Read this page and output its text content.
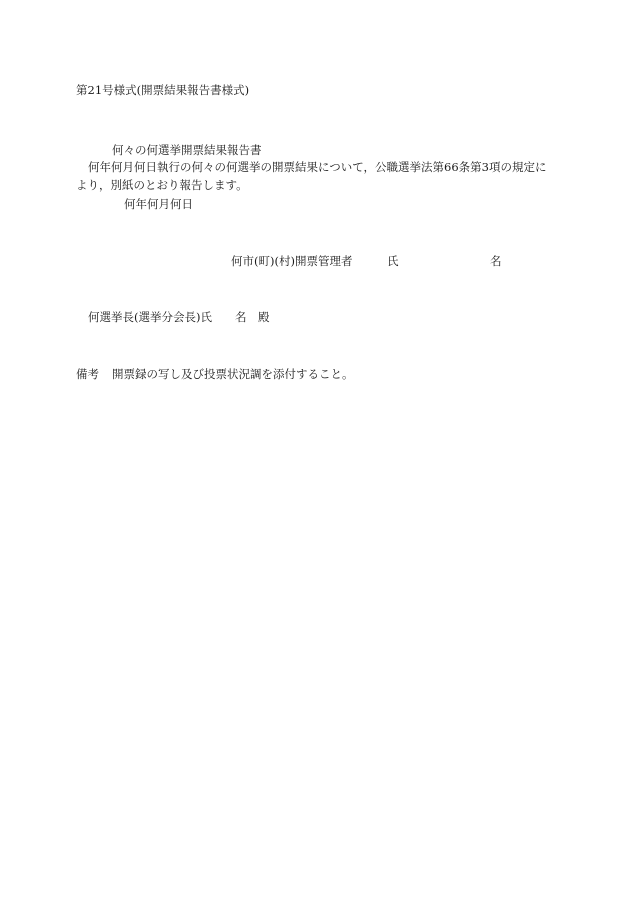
第21号様式(開票結果報告書様式)
何々の何選挙開票結果報告書
何年何月何日執行の何々の何選挙の開票結果について，公職選挙法第66条第3項の規定に
より，別紙のとおり報告します。
何年何月何日
何市(町)(村)開票管理者	氏	名
何選挙長(選挙分会長)氏　　名　殿
備考 開票録の写し及び投票状況調を添付すること。
